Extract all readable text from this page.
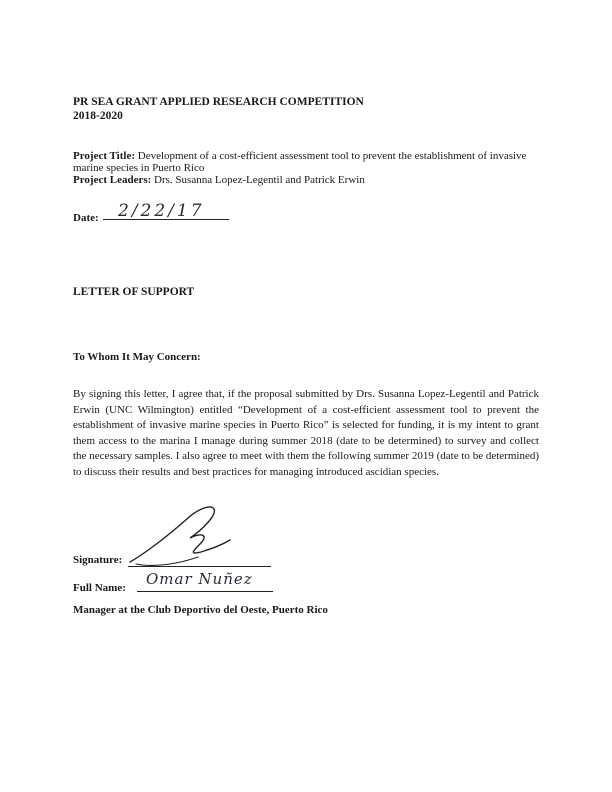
PR SEA GRANT APPLIED RESEARCH COMPETITION
2018-2020
Project Title: Development of a cost-efficient assessment tool to prevent the establishment of invasive marine species in Puerto Rico
Project Leaders: Drs. Susanna Lopez-Legentil and Patrick Erwin
Date: 2/22/17
LETTER OF SUPPORT
To Whom It May Concern:
By signing this letter, I agree that, if the proposal submitted by Drs. Susanna Lopez-Legentil and Patrick Erwin (UNC Wilmington) entitled “Development of a cost-efficient assessment tool to prevent the establishment of invasive marine species in Puerto Rico” is selected for funding, it is my intent to grant them access to the marina I manage during summer 2018 (date to be determined) to survey and collect the necessary samples. I also agree to meet with them the following summer 2019 (date to be determined) to discuss their results and best practices for managing introduced ascidian species.
Signature:
Full Name: Omar Nuñez
Manager at the Club Deportivo del Oeste, Puerto Rico
